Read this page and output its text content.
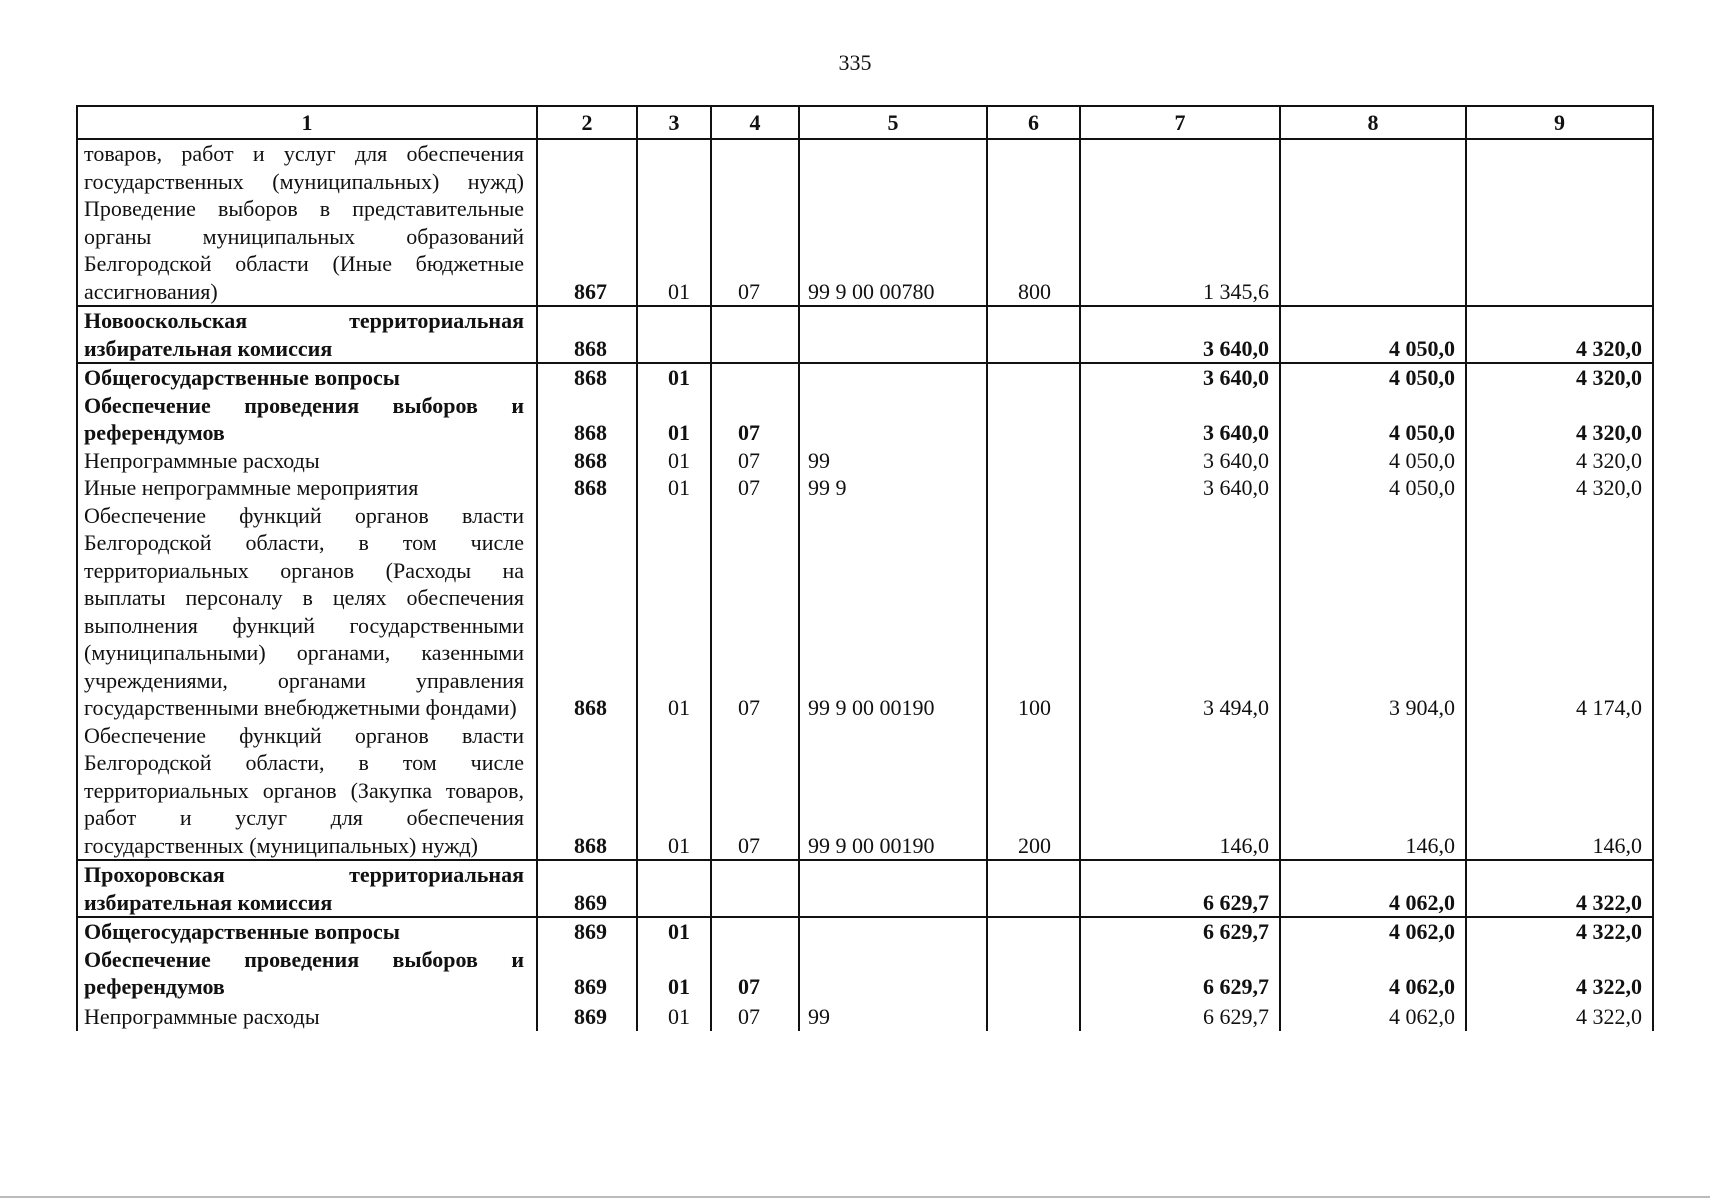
335
1	2	3	4	5	6	7	8	9
товаров, работ и услуг для обеспечения государственных (муниципальных) нужд) Проведение выборов в представительные органы муниципальных образований Белгородской области (Иные бюджетные ассигнования)	867	01	07	99 9 00 00780	800	1 345,6		
Новооскольская территориальная избирательная комиссия	868					3 640,0	4 050,0	4 320,0
Общегосударственные вопросы	868	01				3 640,0	4 050,0	4 320,0
Обеспечение проведения выборов и референдумов	868	01	07			3 640,0	4 050,0	4 320,0
Непрограммные расходы	868	01	07	99		3 640,0	4 050,0	4 320,0
Иные непрограммные мероприятия	868	01	07	99 9		3 640,0	4 050,0	4 320,0
Обеспечение функций органов власти Белгородской области, в том числе территориальных органов (Расходы на выплаты персоналу в целях обеспечения выполнения функций государственными (муниципальными) органами, казенными учреждениями, органами управления государственными внебюджетными фондами)	868	01	07	99 9 00 00190	100	3 494,0	3 904,0	4 174,0
Обеспечение функций органов власти Белгородской области, в том числе территориальных органов (Закупка товаров, работ и услуг для обеспечения государственных (муниципальных) нужд)	868	01	07	99 9 00 00190	200	146,0	146,0	146,0
Прохоровская территориальная избирательная комиссия	869					6 629,7	4 062,0	4 322,0
Общегосударственные вопросы	869	01				6 629,7	4 062,0	4 322,0
Обеспечение проведения выборов и референдумов	869	01	07			6 629,7	4 062,0	4 322,0
Непрограммные расходы	869	01	07	99		6 629,7	4 062,0	4 322,0
